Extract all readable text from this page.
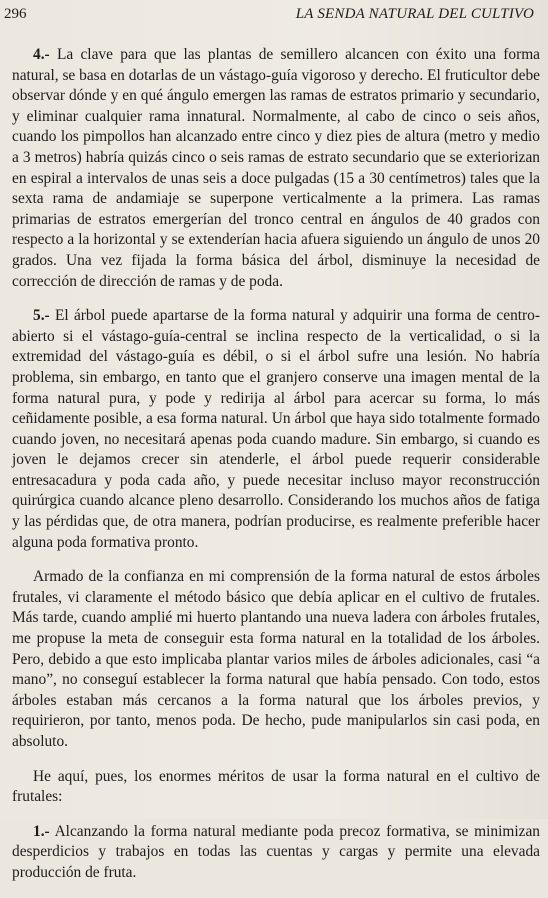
296	LA SENDA NATURAL DEL CULTIVO

4.- La clave para que las plantas de semillero alcancen con éxito una forma natural, se basa en dotarlas de un vástago-guía vigoroso y derecho. El fruticultor debe observar dónde y en qué ángulo emergen las ramas de estratos primario y secundario, y eliminar cualquier rama innatural. Normalmente, al cabo de cinco o seis años, cuando los pimpollos han alcanzado entre cinco y diez pies de altura (metro y medio a 3 metros) habría quizás cinco o seis ramas de estrato secundario que se exteriorizan en espiral a intervalos de unas seis a doce pulgadas (15 a 30 centímetros) tales que la sexta rama de andamiaje se superpone verticalmente a la primera. Las ramas primarias de estratos emergerían del tronco central en ángulos de 40 grados con respecto a la horizontal y se extenderían hacia afuera siguiendo un ángulo de unos 20 grados. Una vez fijada la forma básica del árbol, disminuye la necesidad de corrección de dirección de ramas y de poda.

5.- El árbol puede apartarse de la forma natural y adquirir una forma de centro-abierto si el vástago-guía-central se inclina respecto de la verticalidad, o si la extremidad del vástago-guía es débil, o si el árbol sufre una lesión. No habría problema, sin embargo, en tanto que el granjero conserve una imagen mental de la forma natural pura, y pode y redirija al árbol para acercar su forma, lo más ceñidamente posible, a esa forma natural. Un árbol que haya sido totalmente formado cuando joven, no necesitará apenas poda cuando madure. Sin embargo, si cuando es joven le dejamos crecer sin atenderle, el árbol puede requerir considerable entresacadura y poda cada año, y puede necesitar incluso mayor reconstrucción quirúrgica cuando alcance pleno desarrollo. Considerando los muchos años de fatiga y las pérdidas que, de otra manera, podrían producirse, es realmente preferible hacer alguna poda formativa pronto.

Armado de la confianza en mi comprensión de la forma natural de estos árboles frutales, vi claramente el método básico que debía aplicar en el cultivo de frutales. Más tarde, cuando amplié mi huerto plantando una nueva ladera con árboles frutales, me propuse la meta de conseguir esta forma natural en la totalidad de los árboles. Pero, debido a que esto implicaba plantar varios miles de árboles adicionales, casi “a mano”, no conseguí establecer la forma natural que había pensado. Con todo, estos árboles estaban más cercanos a la forma natural que los árboles previos, y requirieron, por tanto, menos poda. De hecho, pude manipularlos sin casi poda, en absoluto.

He aquí, pues, los enormes méritos de usar la forma natural en el cultivo de frutales:

1.- Alcanzando la forma natural mediante poda precoz formativa, se minimizan desperdicios y trabajos en todas las cuentas y cargas y permite una elevada producción de fruta.
